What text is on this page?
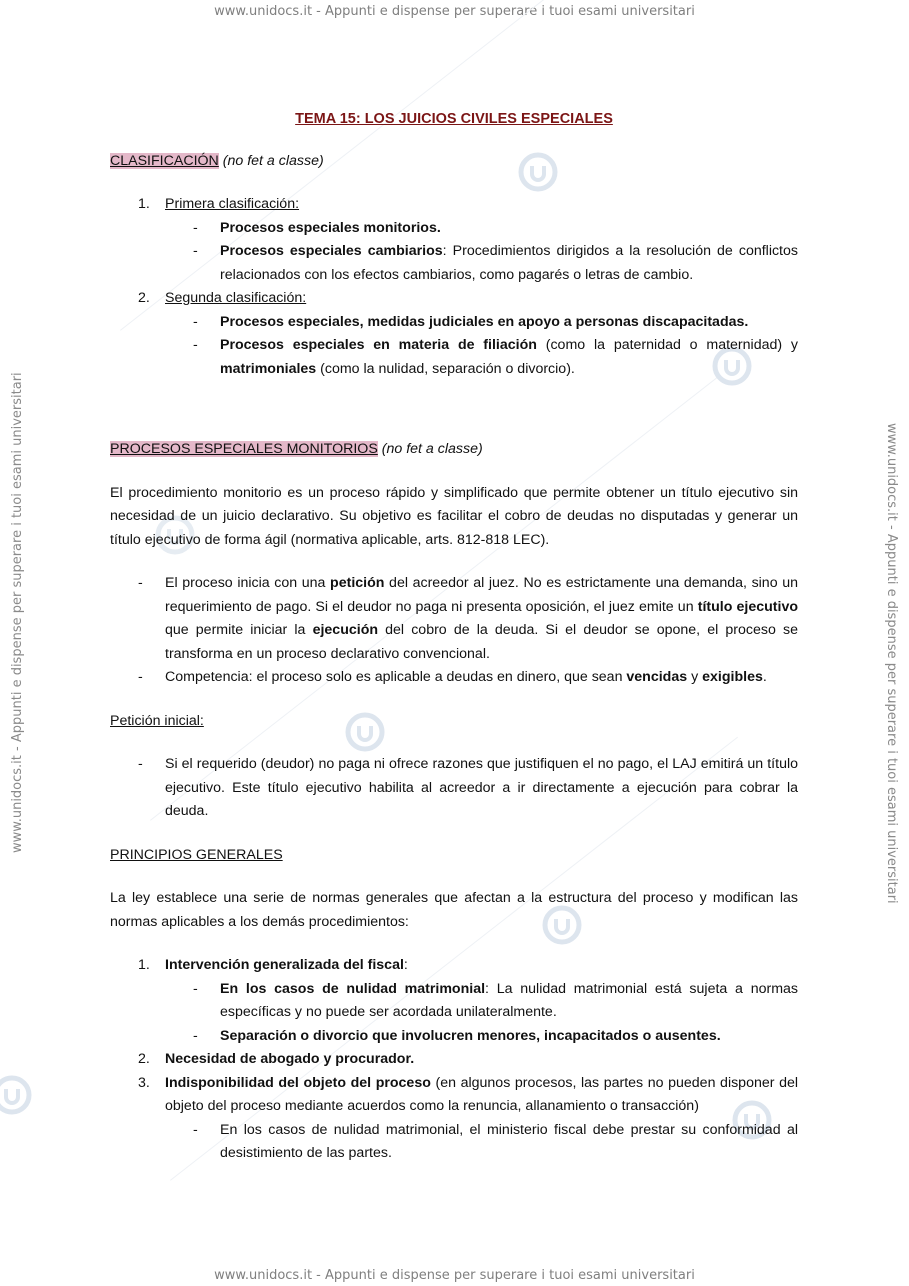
www.unidocs.it - Appunti e dispense per superare i tuoi esami universitari
www.unidocs.it - Appunti e dispense per superare i tuoi esami universitari
www.unidocs.it - Appunti e dispense per superare i tuoi esami universitari	www.unidocs.it - Appunti e dispense per superare i tuoi esami universitari
TEMA 15: LOS JUICIOS CIVILES ESPECIALES
CLASIFICACIÓN (no fet a classe)
1. Primera clasificación:
- Procesos especiales monitorios.
- Procesos especiales cambiarios: Procedimientos dirigidos a la resolución de conflictos relacionados con los efectos cambiarios, como pagarés o letras de cambio.
2. Segunda clasificación:
- Procesos especiales, medidas judiciales en apoyo a personas discapacitadas.
- Procesos especiales en materia de filiación (como la paternidad o maternidad) y matrimoniales (como la nulidad, separación o divorcio).
PROCESOS ESPECIALES MONITORIOS (no fet a classe)

El procedimiento monitorio es un proceso rápido y simplificado que permite obtener un título ejecutivo sin necesidad de un juicio declarativo. Su objetivo es facilitar el cobro de deudas no disputadas y generar un título ejecutivo de forma ágil (normativa aplicable, arts. 812-818 LEC).

- El proceso inicia con una petición del acreedor al juez. No es estrictamente una demanda, sino un requerimiento de pago. Si el deudor no paga ni presenta oposición, el juez emite un título ejecutivo que permite iniciar la ejecución del cobro de la deuda. Si el deudor se opone, el proceso se transforma en un proceso declarativo convencional.
- Competencia: el proceso solo es aplicable a deudas en dinero, que sean vencidas y exigibles.
Petición inicial:
- Si el requerido (deudor) no paga ni ofrece razones que justifiquen el no pago, el LAJ emitirá un título ejecutivo. Este título ejecutivo habilita al acreedor a ir directamente a ejecución para cobrar la deuda.
PRINCIPIOS GENERALES

La ley establece una serie de normas generales que afectan a la estructura del proceso y modifican las normas aplicables a los demás procedimientos:

1. Intervención generalizada del fiscal:
- En los casos de nulidad matrimonial: La nulidad matrimonial está sujeta a normas específicas y no puede ser acordada unilateralmente.
- Separación o divorcio que involucren menores, incapacitados o ausentes.
2. Necesidad de abogado y procurador.
3. Indisponibilidad del objeto del proceso (en algunos procesos, las partes no pueden disponer del objeto del proceso mediante acuerdos como la renuncia, allanamiento o transacción)
- En los casos de nulidad matrimonial, el ministerio fiscal debe prestar su conformidad al desistimiento de las partes.
